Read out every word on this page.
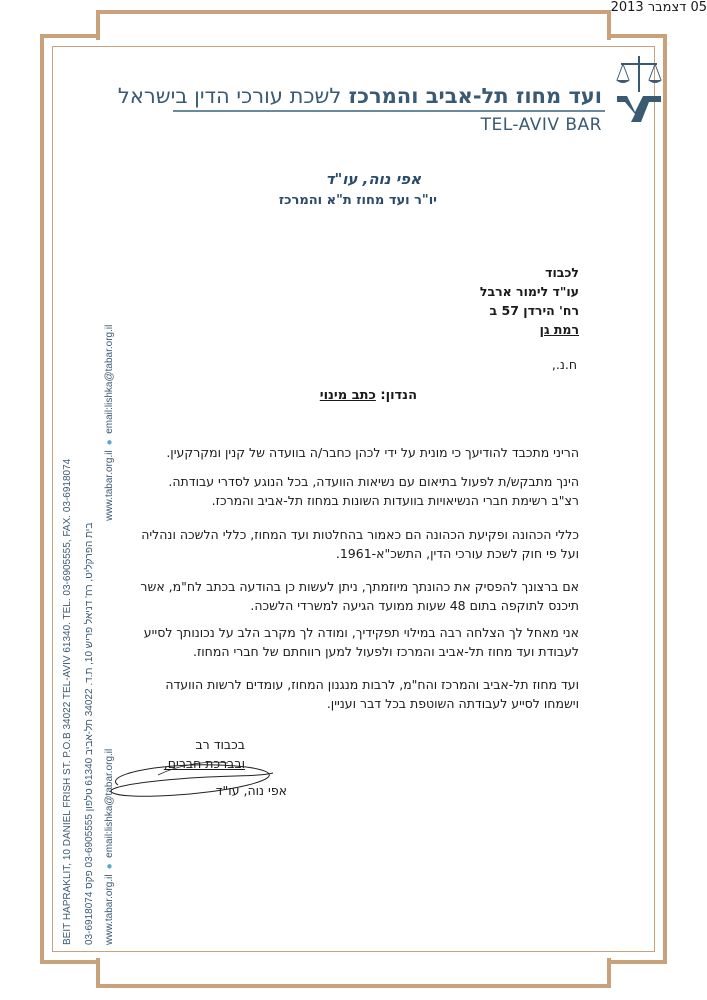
ועד מחוז תל-אביב והמרכז לשכת עורכי הדין בישראל
TEL-AVIV BAR
BEIT HAPRAKLIT, 10 DANIEL FRISH ST. P.O.B 34022 TEL-AVIV 61340. TEL. 03-6905555, FAX. 03-6918074	בית הפרקליט, רח' דניאל פריש 10, ת.ד. 34022 תל-אביב 61340 טלפון 03-6905555 פקס 03-6918074
www.tabar.org.il ● email:lishka@tabar.org.il                                                                                  www.tabar.org.il ● email:lishka@tabar.org.il
אפי נוה, עו"ד
יו"ר ועד מחוז ת"א והמרכז
05 דצמבר 2013
לכבוד
עו"ד לימור ארבל
רח' הירדן 57 ב
רמת גן
ח.נ.,
הנדון: כתב מינוי
הריני מתכבד להודיעך כי מונית על ידי לכהן כחבר/ה בוועדה של קנין ומקרקעין.
הינך מתבקש/ת לפעול בתיאום עם נשיאות הוועדה, בכל הנוגע לסדרי עבודתה.
רצ"ב רשימת חברי הנשיאויות בוועדות השונות במחוז תל-אביב והמרכז.
כללי הכהונה ופקיעת הכהונה הם כאמור בהחלטות ועד המחוז, כללי הלשכה ונהליה
ועל פי חוק לשכת עורכי הדין, התשכ"א-1961.
אם ברצונך להפסיק את כהונתך מיוזמתך, ניתן לעשות כן בהודעה בכתב לח"מ, אשר
תיכנס לתוקפה בתום 48 שעות ממועד הגיעה למשרדי הלשכה.
אני מאחל לך הצלחה רבה במילוי תפקידיך, ומודה לך מקרב הלב על נכונותך לסייע
לעבודת ועד מחוז תל-אביב והמרכז ולפעול למען רווחתם של חברי המחוז.
ועד מחוז תל-אביב והמרכז והח"מ, לרבות מנגנון המחוז, עומדים לרשות הוועדה
וישמחו לסייע לעבודתה השוטפת בכל דבר ועניין.
בכבוד רב
ובברכת חברים,
אפי נוה, עו"ד
